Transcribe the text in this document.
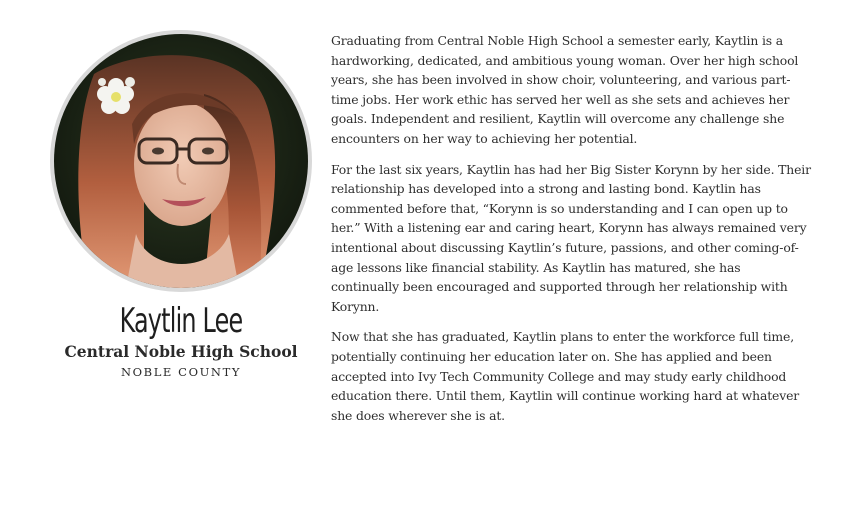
Kaytlin Lee
Central Noble High School
NOBLE COUNTY

Graduating from Central Noble High School a semester early, Kaytlin is a hardworking, dedicated, and ambitious young woman. Over her high school years, she has been involved in show choir, volunteering, and various part-time jobs. Her work ethic has served her well as she sets and achieves her goals. Independent and resilient, Kaytlin will overcome any challenge she encounters on her way to achieving her potential.

For the last six years, Kaytlin has had her Big Sister Korynn by her side. Their relationship has developed into a strong and lasting bond. Kaytlin has commented before that, “Korynn is so understanding and I can open up to her.” With a listening ear and caring heart, Korynn has always remained very intentional about discussing Kaytlin’s future, passions, and other coming-of-age lessons like financial stability. As Kaytlin has matured, she has continually been encouraged and supported through her relationship with Korynn.

Now that she has graduated, Kaytlin plans to enter the workforce full time, potentially continuing her education later on. She has applied and been accepted into Ivy Tech Community College and may study early childhood education there. Until them, Kaytlin will continue working hard at whatever she does wherever she is at.
